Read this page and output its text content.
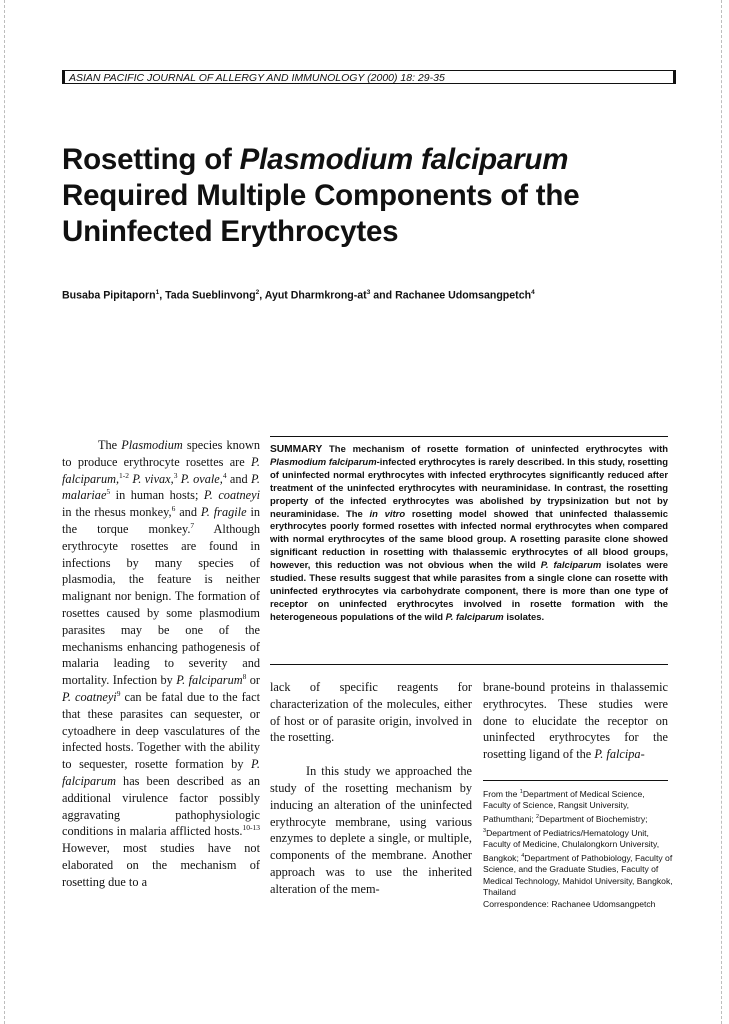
ASIAN PACIFIC JOURNAL OF ALLERGY AND IMMUNOLOGY (2000) 18: 29-35
Rosetting of Plasmodium falciparum
Required Multiple Components of the
Uninfected Erythrocytes
Busaba Pipitaporn$^1$, Tada Sueblinvong$^2$, Ayut Dharmkrong-$at^3$ and Rachanee Udomsangpetch$^4$

The Plasmodium species known to produce erythrocyte rosettes are P. falciparum,$^{1-2}$ P. vivax,$^3$ P. ovale,$^4$ and P. malariae$^5$ in human hosts; P. coatneyi in the rhesus monkey,$^6$ and P. fragile in the torque monkey.$^7$ Although erythrocyte rosettes are found in infections by many species of plasmodia, the feature is neither malignant nor benign. The formation of rosettes caused by some plasmodium parasites may be one of the mechanisms enhancing pathogenesis of malaria leading to severity and mortality. Infection by P. falciparum$^8$ or P. coatneyi$^9$ can be fatal due to the fact that these parasites can sequester, or cytoadhere in deep vasculatures of the infected hosts. Together with the ability to sequester, rosette formation by P. falciparum has been described as an additional virulence factor possibly aggravating pathophysiologic conditions in malaria afflicted hosts.$^{10-13}$ However, most studies have not elaborated on the mechanism of rosetting due to a

SUMMARY The mechanism of rosette formation of uninfected erythrocytes with Plasmodium falciparum-infected erythrocytes is rarely described. In this study, rosetting of uninfected normal erythrocytes with infected erythrocytes significantly reduced after treatment of the uninfected erythrocytes with neuraminidase. In contrast, the rosetting property of the infected erythrocytes was abolished by trypsinization but not by neuraminidase. The in vitro rosetting model showed that uninfected thalassemic erythrocytes poorly formed rosettes with infected normal erythrocytes when compared with normal erythrocytes of the same blood group. A rosetting parasite clone showed significant reduction in rosetting with thalassemic erythrocytes of all blood groups, however, this reduction was not obvious when the wild P. falciparum isolates were studied. These results suggest that while parasites from a single clone can rosette with uninfected erythrocytes via carbohydrate component, there is more than one type of receptor on uninfected erythrocytes involved in rosette formation with the heterogeneous populations of the wild P. falciparum isolates.

lack of specific reagents for characterization of the molecules, either of host or of parasite origin, involved in the rosetting.

In this study we approached the study of the rosetting mechanism by inducing an alteration of the uninfected erythrocyte membrane, using various enzymes to deplete a single, or multiple, components of the membrane. Another approach was to use the inherited alteration of the mem-

brane-bound proteins in thalassemic erythrocytes. These studies were done to elucidate the receptor on uninfected erythrocytes for the rosetting ligand of the P. falcipa-

From the $^1$Department of Medical Science, Faculty of Science, Rangsit University, Pathumthani; $^2$Department of Biochemistry; $^3$Department of Pediatrics/Hematology Unit, Faculty of Medicine, Chulalongkorn University, Bangkok; $^4$Department of Pathobiology, Faculty of Science, and the Graduate Studies, Faculty of Medical Technology, Mahidol University, Bangkok, Thailand
Correspondence: Rachanee Udomsangpetch
